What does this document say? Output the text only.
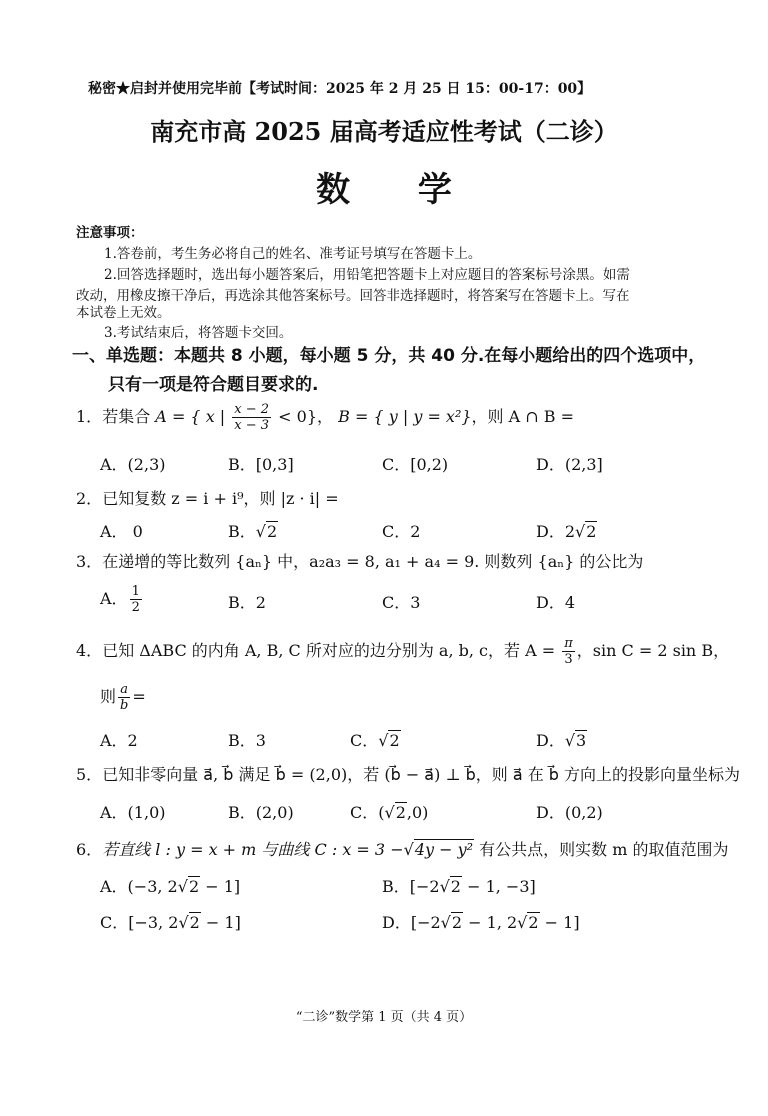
秘密★启封并使用完毕前【考试时间：2025 年 2 月 25 日 15：00-17：00】
南充市高 2025 届高考适应性考试（二诊）
数 学
注意事项：
1.答卷前，考生务必将自己的姓名、准考证号填写在答题卡上。
2.回答选择题时，选出每小题答案后，用铅笔把答题卡上对应题目的答案标号涂黑。如需
改动，用橡皮擦干净后，再选涂其他答案标号。回答非选择题时，将答案写在答题卡上。写在
本试卷上无效。
3.考试结束后，将答题卡交回。
一、单选题：本题共 8 小题，每小题 5 分，共 40 分.在每小题给出的四个选项中，
只有一项是符合题目要求的.
1．若集合 A = { x | $\frac{x - 2}{x - 3} < 0$}， B = { y | y = x²}，则 A ∩ B =
A．(2,3)	B．[0,3]	C．[0,2)	D．(2,3]
2．已知复数 z = i + i⁹，则 |z · i| =
A． 0	B．√2	C．2	D．2√2
3．在递增的等比数列 {aₙ} 中，a₂a₃ = 8, a₁ + a₄ = 9. 则数列 {aₙ} 的公比为
A． $\frac{1}{2}$	B．2	C．3	D．4
4．已知 ΔABC 的内角 A, B, C 所对应的边分别为 a, b, c，若 $A = \frac{\pi}{3}$ ，sin C = 2 sin B，
则 $\frac{a}{b}$ =
A．2	B．3	C．√2	D．√3
5．已知非零向量 a⃗, b⃗ 满足 b⃗ = (2,0)，若 (b⃗ − a⃗) ⊥ b⃗，则 a⃗ 在 b⃗ 方向上的投影向量坐标为
A．(1,0)	B．(2,0)	C．(√2,0)	D．(0,2)
6．若直线 l : y = x + m 与曲线 C : x = 3 −√4y − y² 有公共点，则实数 m 的取值范围为
A．(−3, 2√2 − 1]	B．[−2√2 − 1, −3]
C．[−3, 2√2 − 1]	D．[−2√2 − 1, 2√2 − 1]
“二诊”数学第 1 页（共 4 页）
